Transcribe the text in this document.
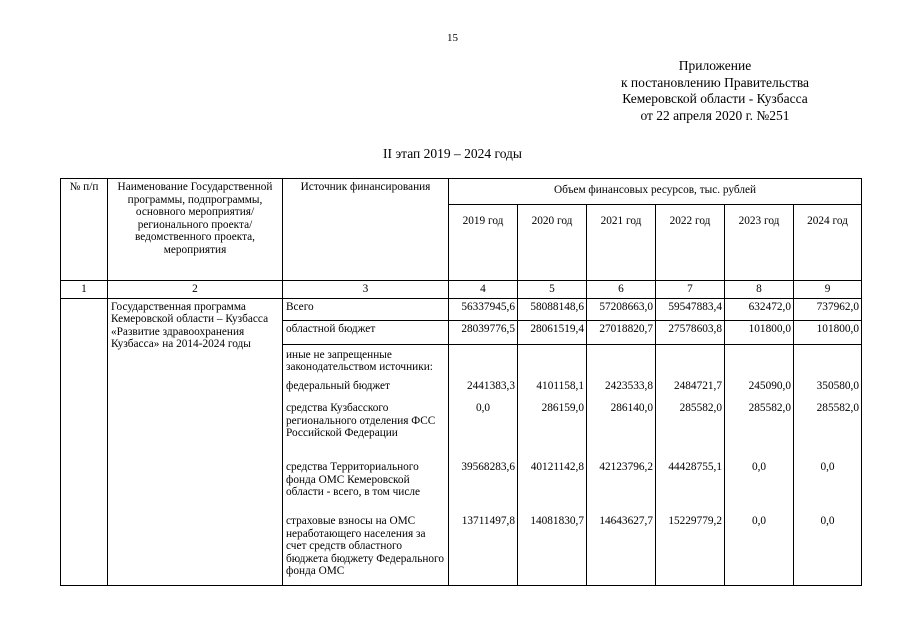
15
Приложение
к постановлению Правительства
Кемеровской области - Кузбасса
от 22 апреля 2020 г. №251
II этап 2019 – 2024 годы
№ п/п	Наименование Государственной программы, подпрограммы, основного мероприятия/регионального проекта/ведомственного проекта, мероприятия	Источник финансирования	Объем финансовых ресурсов, тыс. рублей					
			2019 год	2020 год	2021 год	2022 год	2023 год	2024 год
1	2	3	4	5	6	7	8	9
	Государственная программа Кемеровской области – Кузбасса «Развитие здравоохранения Кузбасса» на 2014-2024 годы	Всего	56337945,6	58088148,6	57208663,0	59547883,4	632472,0	737962,0
		областной бюджет	28039776,5	28061519,4	27018820,7	27578603,8	101800,0	101800,0
		иные не запрещенные законодательством источники:						
		федеральный бюджет	2441383,3	4101158,1	2423533,8	2484721,7	245090,0	350580,0
		средства Кузбасского регионального отделения ФСС Российской Федерации	0,0	286159,0	286140,0	285582,0	285582,0	285582,0
		средства Территориального фонда ОМС Кемеровской области - всего, в том числе	39568283,6	40121142,8	42123796,2	44428755,1	0,0	0,0
		страховые взносы на ОМС неработающего населения за счет средств областного бюджета бюджету Федерального фонда ОМС	13711497,8	14081830,7	14643627,7	15229779,2	0,0	0,0
